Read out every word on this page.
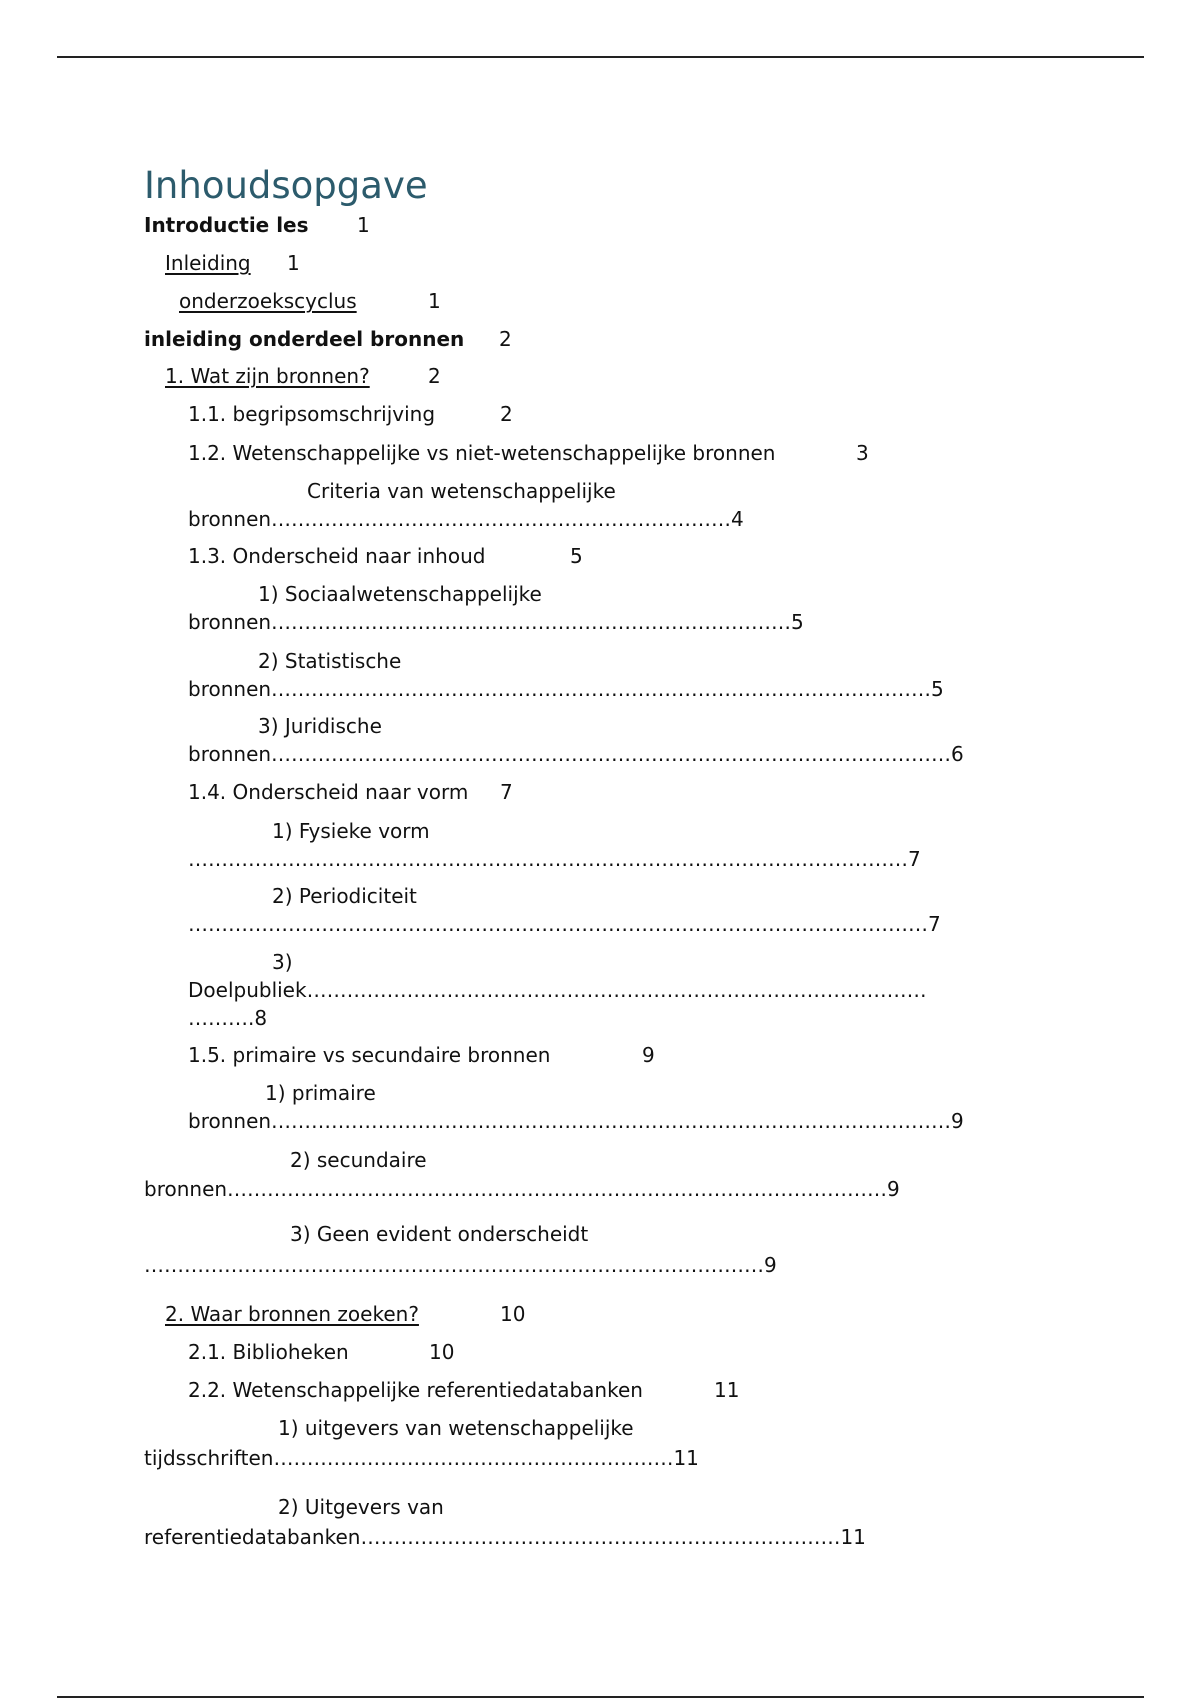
Inhoudsopgave
Introductie les 1
Inleiding 1
onderzoekscyclus	1
inleiding onderdeel bronnen 2
1. Wat zijn bronnen?	2
1.1. begripsomschrijving	2
1.2. Wetenschappelijke vs niet-wetenschappelijke bronnen	3
Criteria van wetenschappelijke
bronnen……………………………………………………………4
1.3. Onderscheid naar inhoud	5
1) Sociaalwetenschappelijke
bronnen……………………………………………………………………5
2) Statistische
bronnen………………………………………………………………………………………5
3) Juridische
bronnen…………………………………………………………………………………………6
1.4. Onderscheid naar vorm 7
1) Fysieke vorm
………………………………………………………………………………………………7
2) Periodiciteit
…………………………………………………………………………………………………7
3)
Doelpubliek…………………………………………………………………………………
……….8
1.5. primaire vs secundaire bronnen	9
1) primaire
bronnen…………………………………………………………………………………………9
2) secundaire
bronnen………………………………………………………………………………………9
3) Geen evident onderscheidt
…………………………………………………………………………………9
2. Waar bronnen zoeken?	10
2.1. Biblioheken	10
2.2. Wetenschappelijke referentiedatabanken	11
1) uitgevers van wetenschappelijke
tijdsschriften……………………………………………………11
2) Uitgevers van
referentiedatabanken………………………………………………………………11
